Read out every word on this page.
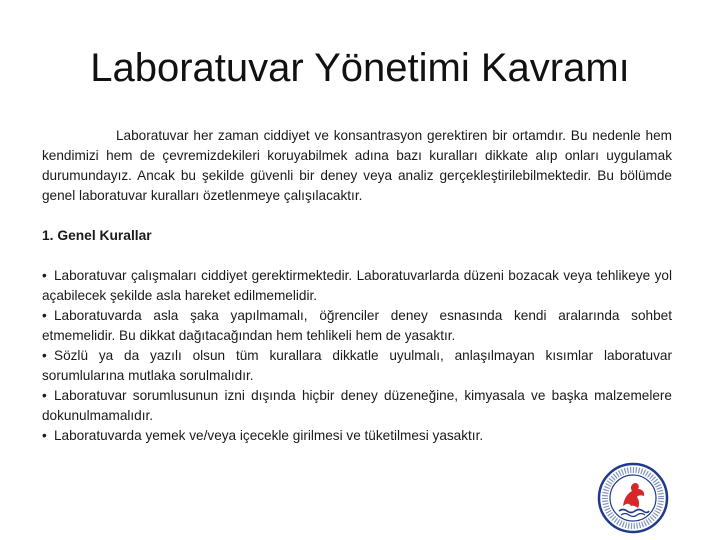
Laboratuvar Yönetimi Kavramı

Laboratuvar her zaman ciddiyet ve konsantrasyon gerektiren bir ortamdır. Bu nedenle hem kendimizi hem de çevremizdekileri koruyabilmek adına bazı kuralları dikkate alıp onları uygulamak durumundayız. Ancak bu şekilde güvenli bir deney veya analiz gerçekleştirilebilmektedir. Bu bölümde genel laboratuvar kuralları özetlenmeye çalışılacaktır.

1. Genel Kurallar
•Laboratuvar çalışmaları ciddiyet gerektirmektedir. Laboratuvarlarda düzeni bozacak veya tehlikeye yol açabilecek şekilde asla hareket edilmemelidir.
•Laboratuvarda asla şaka yapılmamalı, öğrenciler deney esnasında kendi aralarında sohbet etmemelidir. Bu dikkat dağıtacağından hem tehlikeli hem de yasaktır.
•Sözlü ya da yazılı olsun tüm kurallara dikkatle uyulmalı, anlaşılmayan kısımlar laboratuvar sorumlularına mutlaka sorulmalıdır.
•Laboratuvar sorumlusunun izni dışında hiçbir deney düzeneğine, kimyasala ve başka malzemelere dokunulmamalıdır.
•Laboratuvarda yemek ve/veya içecekle girilmesi ve tüketilmesi yasaktır.
